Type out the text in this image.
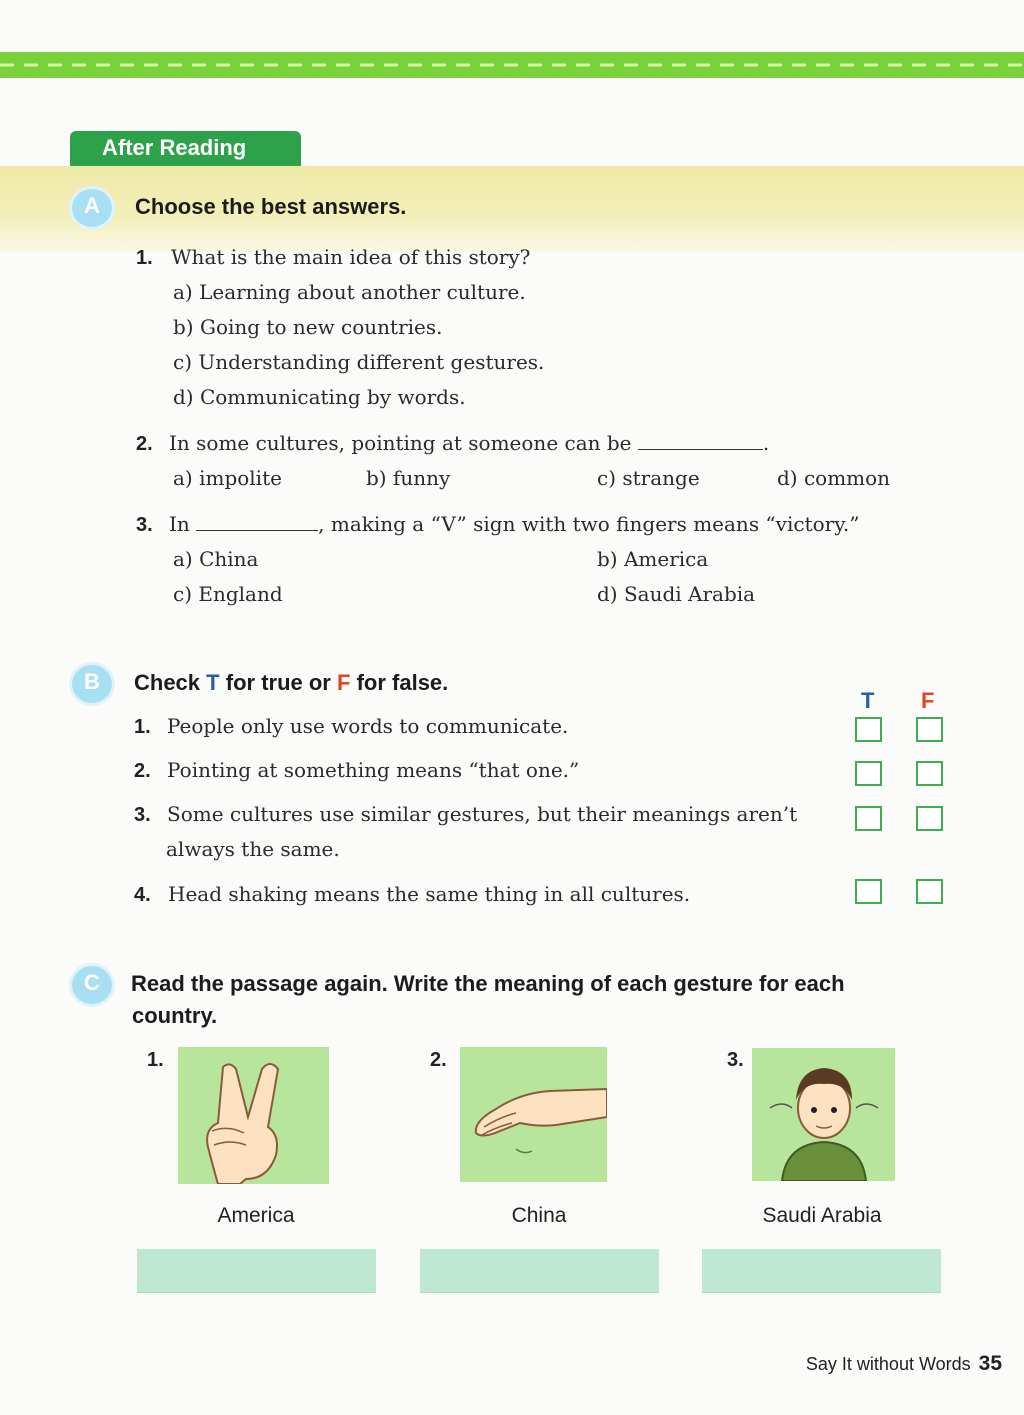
After Reading
A	Choose the best answers.
1. What is the main idea of this story?
a) Learning about another culture.
b) Going to new countries.
c) Understanding different gestures.
d) Communicating by words.
2. In some cultures, pointing at someone can be	.
a) impolite	b) funny	c) strange	d) common
3. In	, making a “V” sign with two fingers means “victory.”
a) China	b) America
c) England	d) Saudi Arabia
B	Check T for true or F for false.
T F
1. People only use words to communicate.
2. Pointing at something means “that one.”
3. Some cultures use similar gestures, but their meanings aren’t
always the same.
4. Head shaking means the same thing in all cultures.
C	Read the passage again. Write the meaning of each gesture for each
country.
1.
America
2.
China
3.
Saudi Arabia
Say It without Words 35
